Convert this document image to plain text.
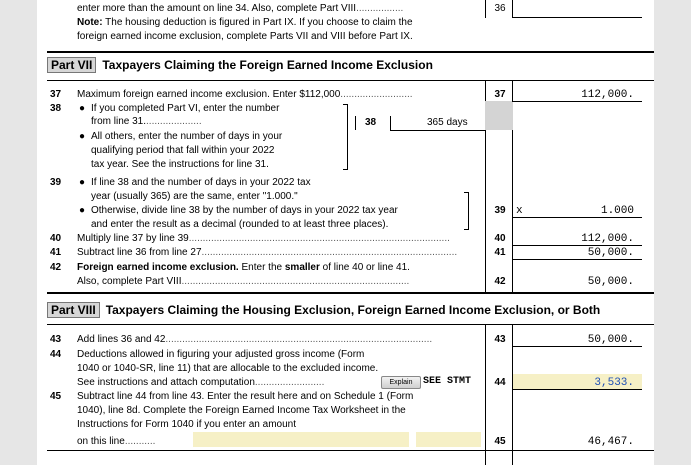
enter more than the amount on line 34. Also, complete Part VIII.................
Note: The housing deduction is figured in Part IX. If you choose to claim the
foreign earned income exclusion, complete Parts VII and VIII before Part IX.
36
Part VII Taxpayers Claiming the Foreign Earned Income Exclusion
37 Maximum foreign earned income exclusion. Enter $112,000..........................	37	112,000.
38 ● If you completed Part VI, enter the number
from line 31.....................
● All others, enter the number of days in your
qualifying period that fall within your 2022
tax year. See the instructions for line 31.
38	365 days
39 ● If line 38 and the number of days in your 2022 tax
year (usually 365) are the same, enter "1.000."
● Otherwise, divide line 38 by the number of days in your 2022 tax year
and enter the result as a decimal (rounded to at least three places).
39 x	1.000
40 Multiply line 37 by line 39..............................................................................................	40	112,000.
41 Subtract line 36 from line 27............................................................................................	41	50,000.
42 Foreign earned income exclusion. Enter the smaller of line 40 or line 41.
Also, complete Part VIII..................................................................................	42	50,000.
Part VIII Taxpayers Claiming the Housing Exclusion, Foreign Earned Income Exclusion, or Both
43 Add lines 36 and 42................................................................................................	43	50,000.
44 Deductions allowed in figuring your adjusted gross income (Form
1040 or 1040-SR, line 11) that are allocable to the excluded income.
See instructions and attach computation.........................	Explain	SEE STMT	44	3,533.
45 Subtract line 44 from line 43. Enter the result here and on Schedule 1 (Form
1040), line 8d. Complete the Foreign Earned Income Tax Worksheet in the
Instructions for Form 1040 if you enter an amount
on this line...........	45	46,467.
